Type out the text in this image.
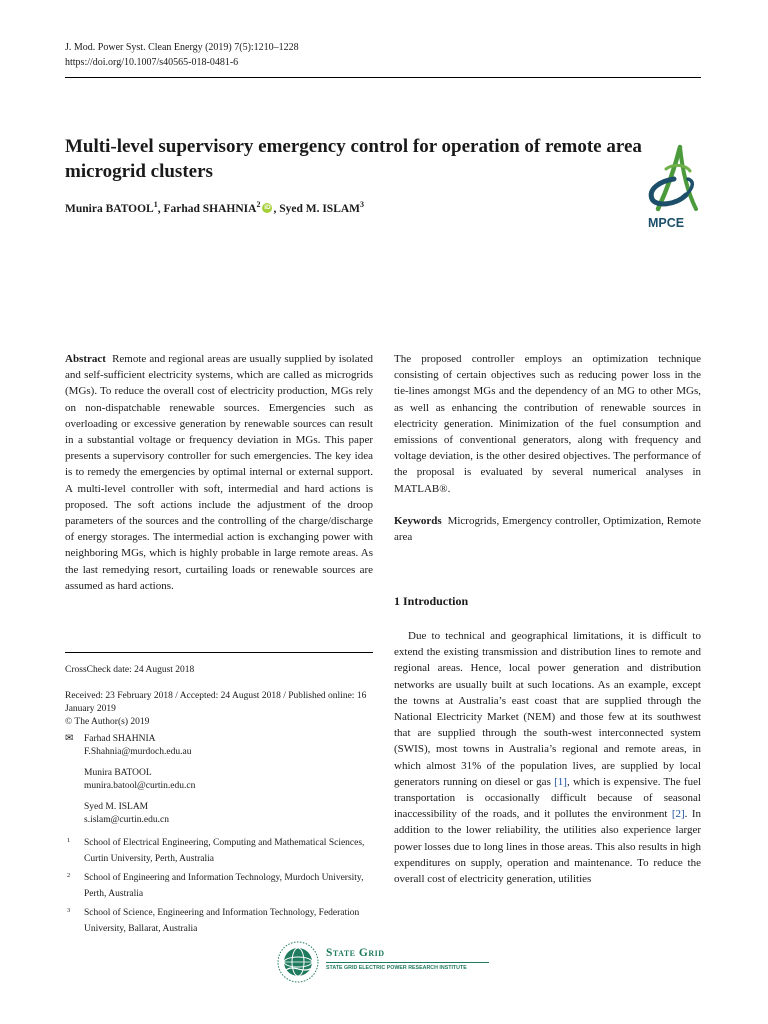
J. Mod. Power Syst. Clean Energy (2019) 7(5):1210–1228
https://doi.org/10.1007/s40565-018-0481-6
Multi-level supervisory emergency control for operation of remote area microgrid clusters
Munira BATOOL$^1$, Farhad SHAHNIA$^2$ iD , Syed M. ISLAM$^3$
MPCE

Abstract Remote and regional areas are usually supplied by isolated and self-sufficient electricity systems, which are called as microgrids (MGs). To reduce the overall cost of electricity production, MGs rely on non-dispatchable renewable sources. Emergencies such as overloading or excessive generation by renewable sources can result in a substantial voltage or frequency deviation in MGs. This paper presents a supervisory controller for such emergencies. The key idea is to remedy the emergencies by optimal internal or external support. A multi-level controller with soft, intermedial and hard actions is proposed. The soft actions include the adjustment of the droop parameters of the sources and the controlling of the charge/discharge of energy storages. The intermedial action is exchanging power with neighboring MGs, which is highly probable in large remote areas. As the last remedying resort, curtailing loads or renewable sources are assumed as hard actions.

The proposed controller employs an optimization technique consisting of certain objectives such as reducing power loss in the tie-lines amongst MGs and the dependency of an MG to other MGs, as well as enhancing the contribution of renewable sources in electricity generation. Minimization of the fuel consumption and emissions of conventional generators, along with frequency and voltage deviation, is the other desired objectives. The performance of the proposal is evaluated by several numerical analyses in MATLAB®.

Keywords Microgrids, Emergency controller, Optimization, Remote area

1 Introduction

Due to technical and geographical limitations, it is difficult to extend the existing transmission and distribution lines to remote and regional areas. Hence, local power generation and distribution networks are usually built at such locations. As an example, except the towns at Australia’s east coast that are supplied through the National Electricity Market (NEM) and those few at its southwest that are supplied through the south-west interconnected system (SWIS), most towns in Australia’s regional and remote areas, in which almost 31% of the population lives, are supplied by local generators running on diesel or gas [1], which is expensive. The fuel transportation is occasionally difficult because of seasonal inaccessibility of the roads, and it pollutes the environment [2]. In addition to the lower reliability, the utilities also experience larger power losses due to long lines in those areas. This also results in high expenditures on supply, operation and maintenance. To reduce the overall cost of electricity generation, utilities

CrossCheck date: 24 August 2018
Received: 23 February 2018 / Accepted: 24 August 2018 / Published online: 16 January 2019
© The Author(s) 2019
✉ Farhad SHAHNIA
F.Shahnia@murdoch.edu.au
Munira BATOOL
munira.batool@curtin.edu.cn
Syed M. ISLAM
s.islam@curtin.edu.cn
1 School of Electrical Engineering, Computing and Mathematical Sciences, Curtin University, Perth, Australia
2 School of Engineering and Information Technology, Murdoch University, Perth, Australia
3 School of Science, Engineering and Information Technology, Federation University, Ballarat, Australia
State Grid
STATE GRID ELECTRIC POWER RESEARCH INSTITUTE
